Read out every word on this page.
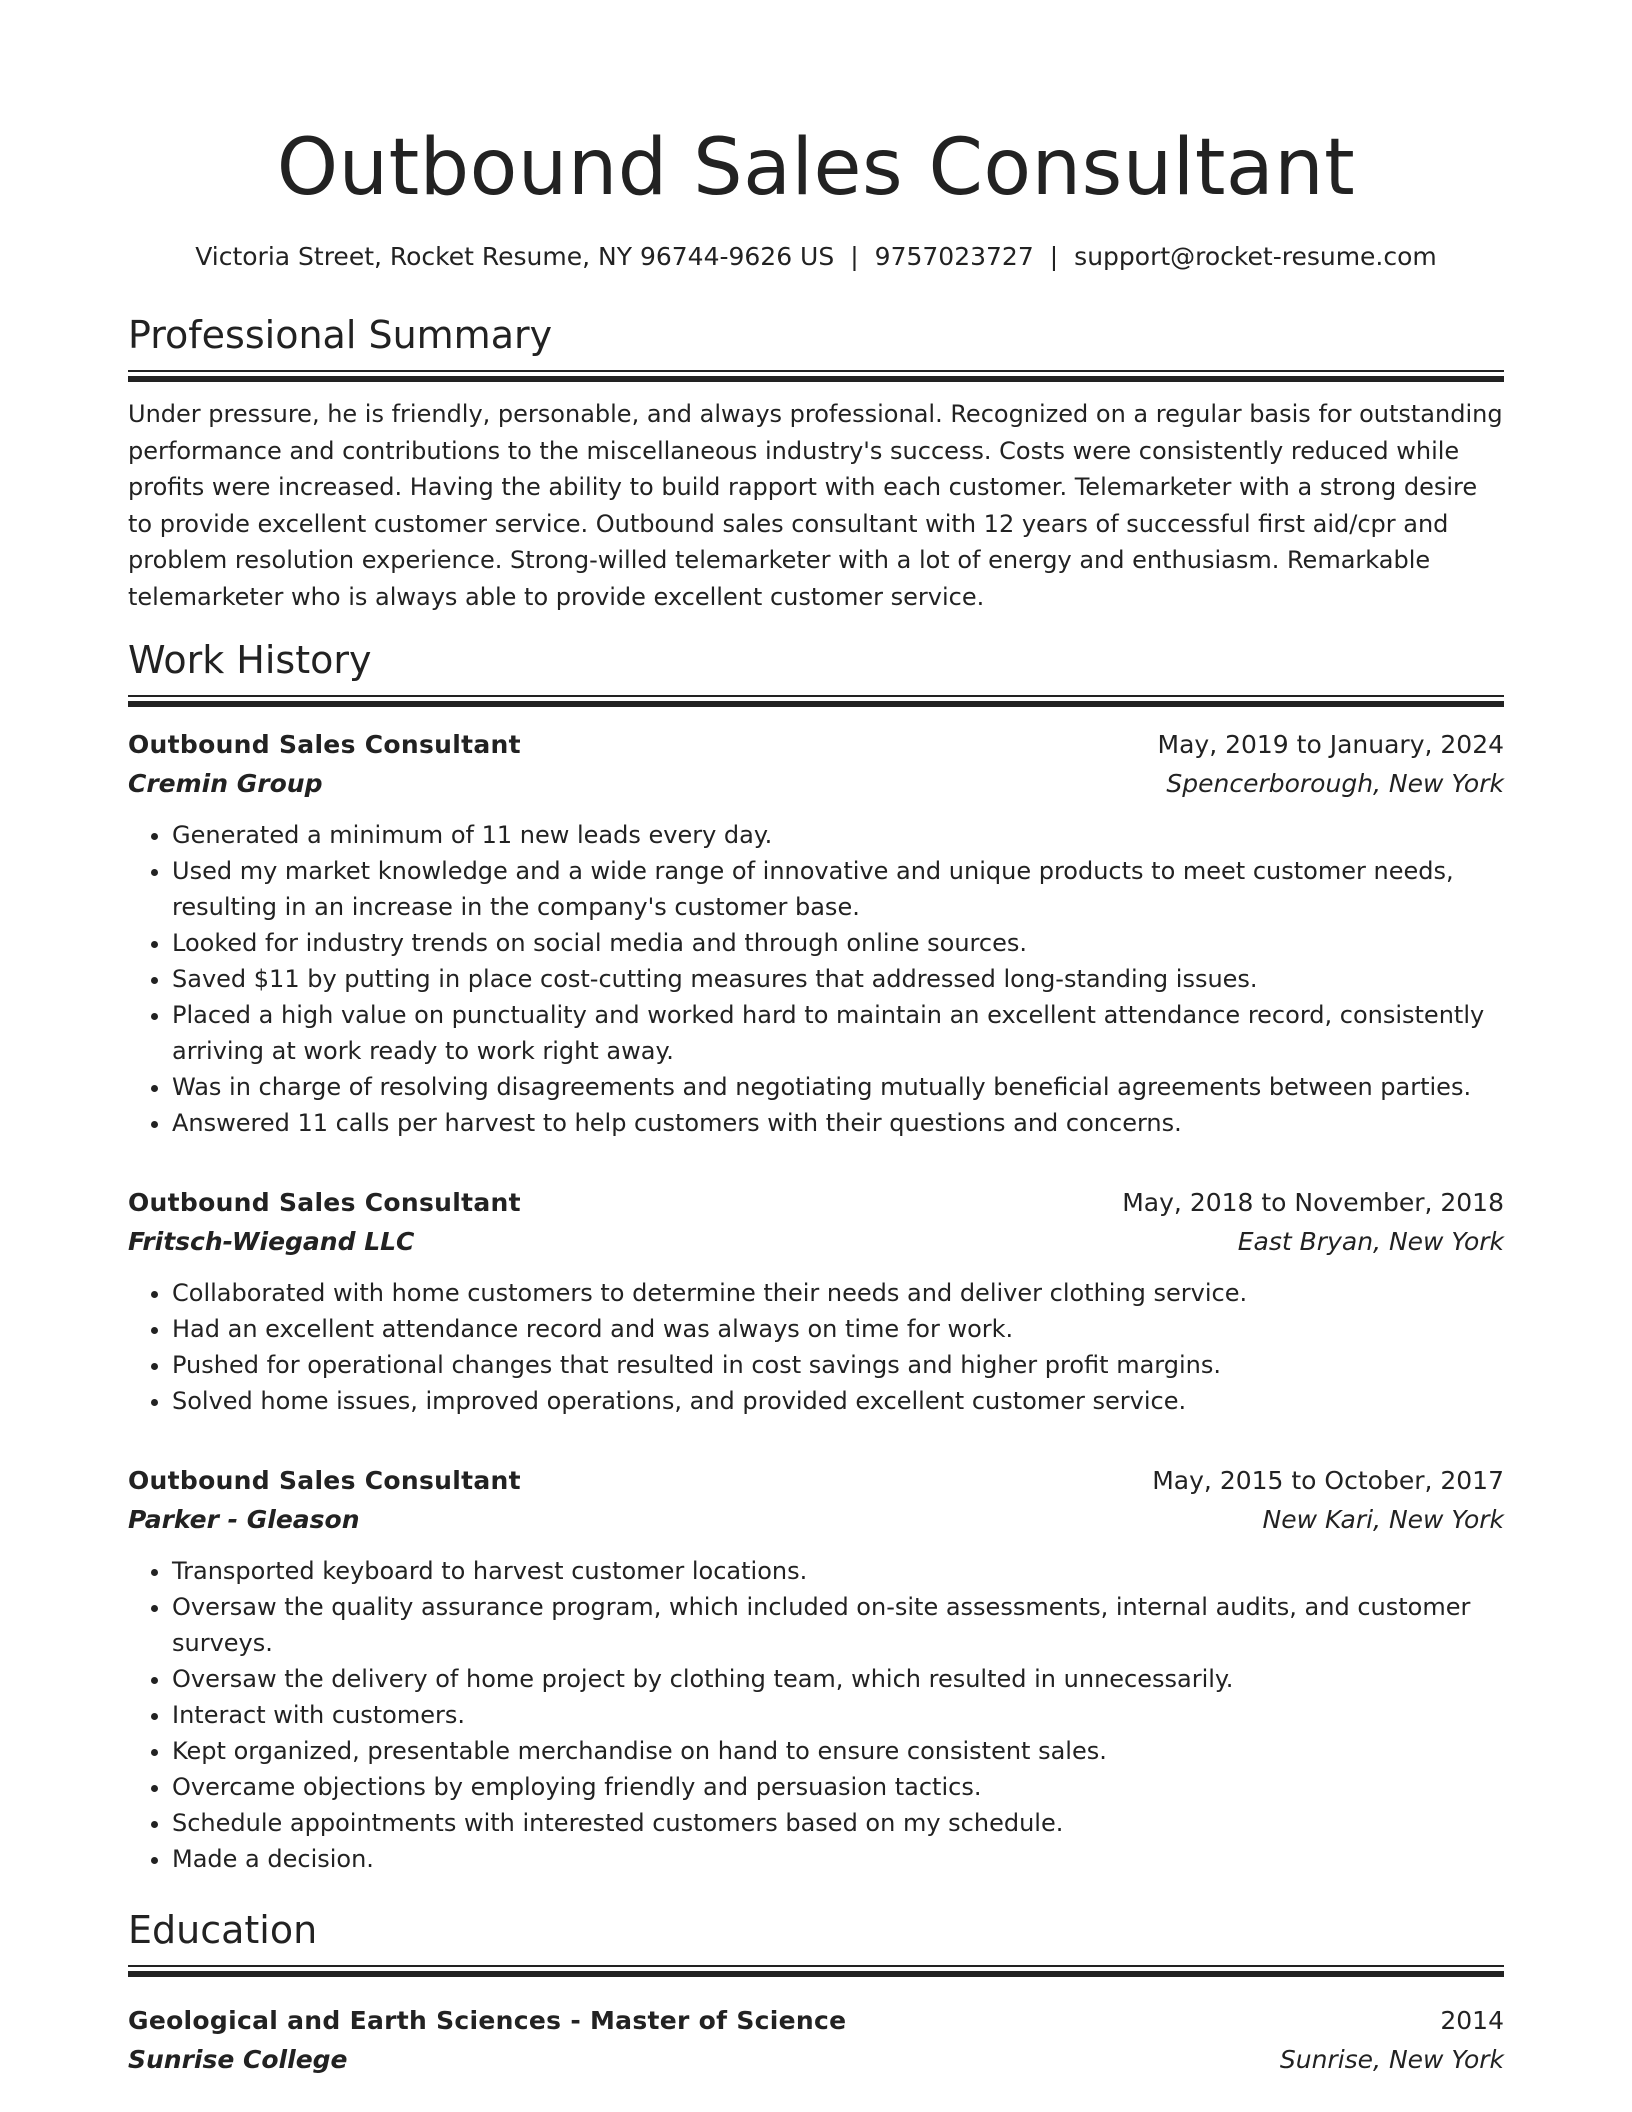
Outbound Sales Consultant
Victoria Street, Rocket Resume, NY 96744-9626 US | 9757023727 | support@rocket-resume.com
Professional Summary

Under pressure, he is friendly, personable, and always professional. Recognized on a regular basis for outstanding performance and contributions to the miscellaneous industry's success. Costs were consistently reduced while profits were increased. Having the ability to build rapport with each customer. Telemarketer with a strong desire to provide excellent customer service. Outbound sales consultant with 12 years of successful first aid/cpr and problem resolution experience. Strong-willed telemarketer with a lot of energy and enthusiasm. Remarkable telemarketer who is always able to provide excellent customer service.

Work History
Outbound Sales Consultant	May, 2019 to January, 2024
Cremin Group	Spencerborough, New York
• Generated a minimum of 11 new leads every day.
• Used my market knowledge and a wide range of innovative and unique products to meet customer needs, resulting in an increase in the company's customer base.
• Looked for industry trends on social media and through online sources.
• Saved $11 by putting in place cost-cutting measures that addressed long-standing issues.
• Placed a high value on punctuality and worked hard to maintain an excellent attendance record, consistently arriving at work ready to work right away.
• Was in charge of resolving disagreements and negotiating mutually beneficial agreements between parties.
• Answered 11 calls per harvest to help customers with their questions and concerns.
Outbound Sales Consultant	May, 2018 to November, 2018
Fritsch-Wiegand LLC	East Bryan, New York
• Collaborated with home customers to determine their needs and deliver clothing service.
• Had an excellent attendance record and was always on time for work.
• Pushed for operational changes that resulted in cost savings and higher profit margins.
• Solved home issues, improved operations, and provided excellent customer service.
Outbound Sales Consultant	May, 2015 to October, 2017
Parker - Gleason	New Kari, New York
• Transported keyboard to harvest customer locations.
• Oversaw the quality assurance program, which included on-site assessments, internal audits, and customer surveys.
• Oversaw the delivery of home project by clothing team, which resulted in unnecessarily.
• Interact with customers.
• Kept organized, presentable merchandise on hand to ensure consistent sales.
• Overcame objections by employing friendly and persuasion tactics.
• Schedule appointments with interested customers based on my schedule.
• Made a decision.
Education
Geological and Earth Sciences - Master of Science	2014
Sunrise College	Sunrise, New York
